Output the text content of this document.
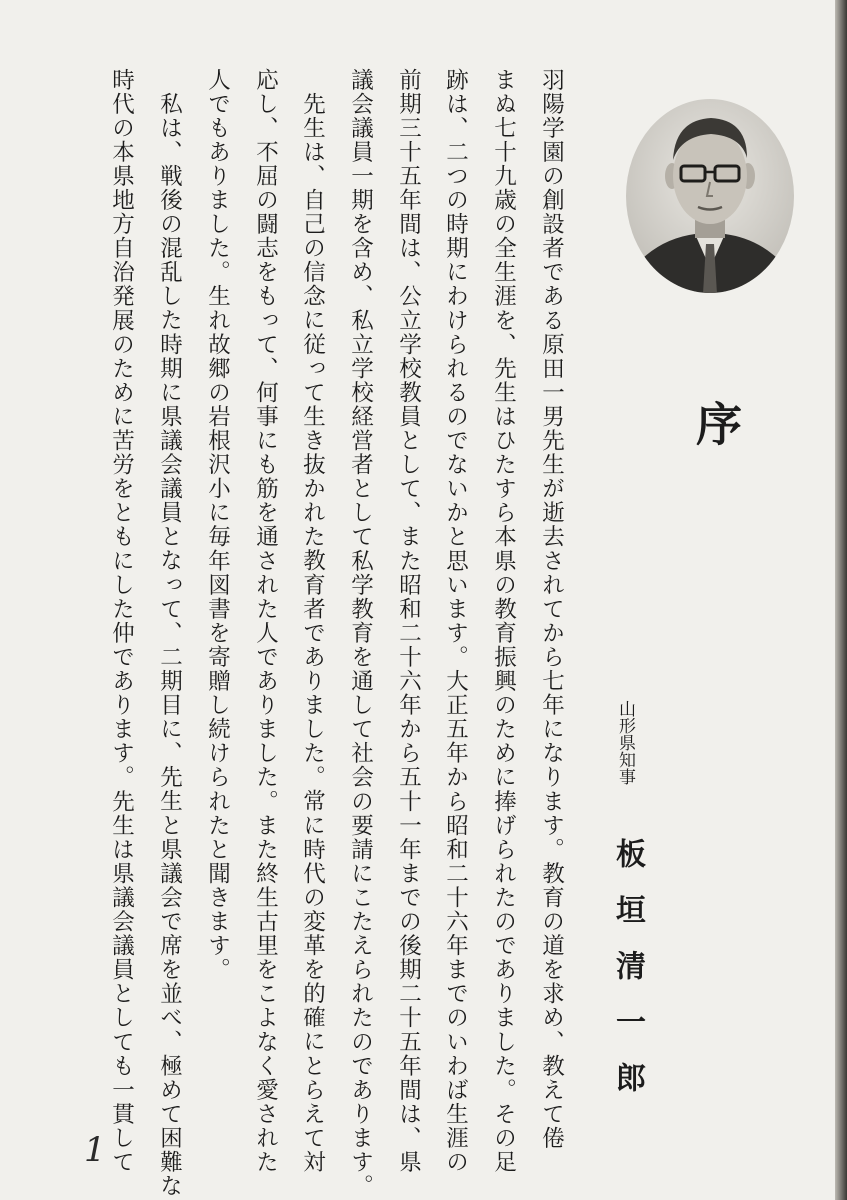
序
山形県知事
板垣清一郎
羽陽学園の創設者である原田一男先生が逝去されてから七年になります。教育の道を求め、教えて倦
まぬ七十九歳の全生涯を、先生はひたすら本県の教育振興のために捧げられたのでありました。その足
跡は、二つの時期にわけられるのでないかと思います。大正五年から昭和二十六年までのいわば生涯の
前期三十五年間は、公立学校教員として、また昭和二十六年から五十一年までの後期二十五年間は、県
議会議員一期を含め、私立学校経営者として私学教育を通して社会の要請にこたえられたのであります。
先生は、自己の信念に従って生き抜かれた教育者でありました。常に時代の変革を的確にとらえて対
応し、不屈の闘志をもって、何事にも筋を通された人でありました。また終生古里をこよなく愛された
人でもありました。生れ故郷の岩根沢小に毎年図書を寄贈し続けられたと聞きます。
私は、戦後の混乱した時期に県議会議員となって、二期目に、先生と県議会で席を並べ、極めて困難な
時代の本県地方自治発展のために苦労をともにした仲であります。先生は県議会議員としても一貫して
1
